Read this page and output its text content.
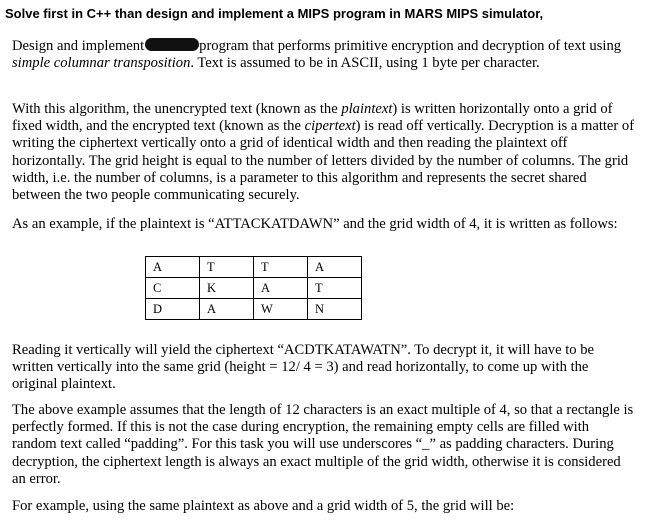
Solve first in C++ than design and implement a MIPS program in MARS MIPS simulator,
Design and implement	program that performs primitive encryption and decryption of text using simple columnar transposition. Text is assumed to be in ASCII, using 1 byte per character.
With this algorithm, the unencrypted text (known as the plaintext) is written horizontally onto a grid of fixed width, and the encrypted text (known as the cipertext) is read off vertically. Decryption is a matter of writing the ciphertext vertically onto a grid of identical width and then reading the plaintext off horizontally. The grid height is equal to the number of letters divided by the number of columns. The grid width, i.e. the number of columns, is a parameter to this algorithm and represents the secret shared between the two people communicating securely.
As an example, if the plaintext is “ATTACKATDAWN” and the grid width of 4, it is written as follows:
A	T	T	A
C	K	A	T
D	A	W	N
Reading it vertically will yield the ciphertext “ACDTKATAWATN”. To decrypt it, it will have to be written vertically into the same grid (height = 12/ 4 = 3) and read horizontally, to come up with the original plaintext.
The above example assumes that the length of 12 characters is an exact multiple of 4, so that a rectangle is perfectly formed. If this is not the case during encryption, the remaining empty cells are filled with random text called “padding”. For this task you will use underscores “_” as padding characters. During decryption, the ciphertext length is always an exact multiple of the grid width, otherwise it is considered an error.
For example, using the same plaintext as above and a grid width of 5, the grid will be:
